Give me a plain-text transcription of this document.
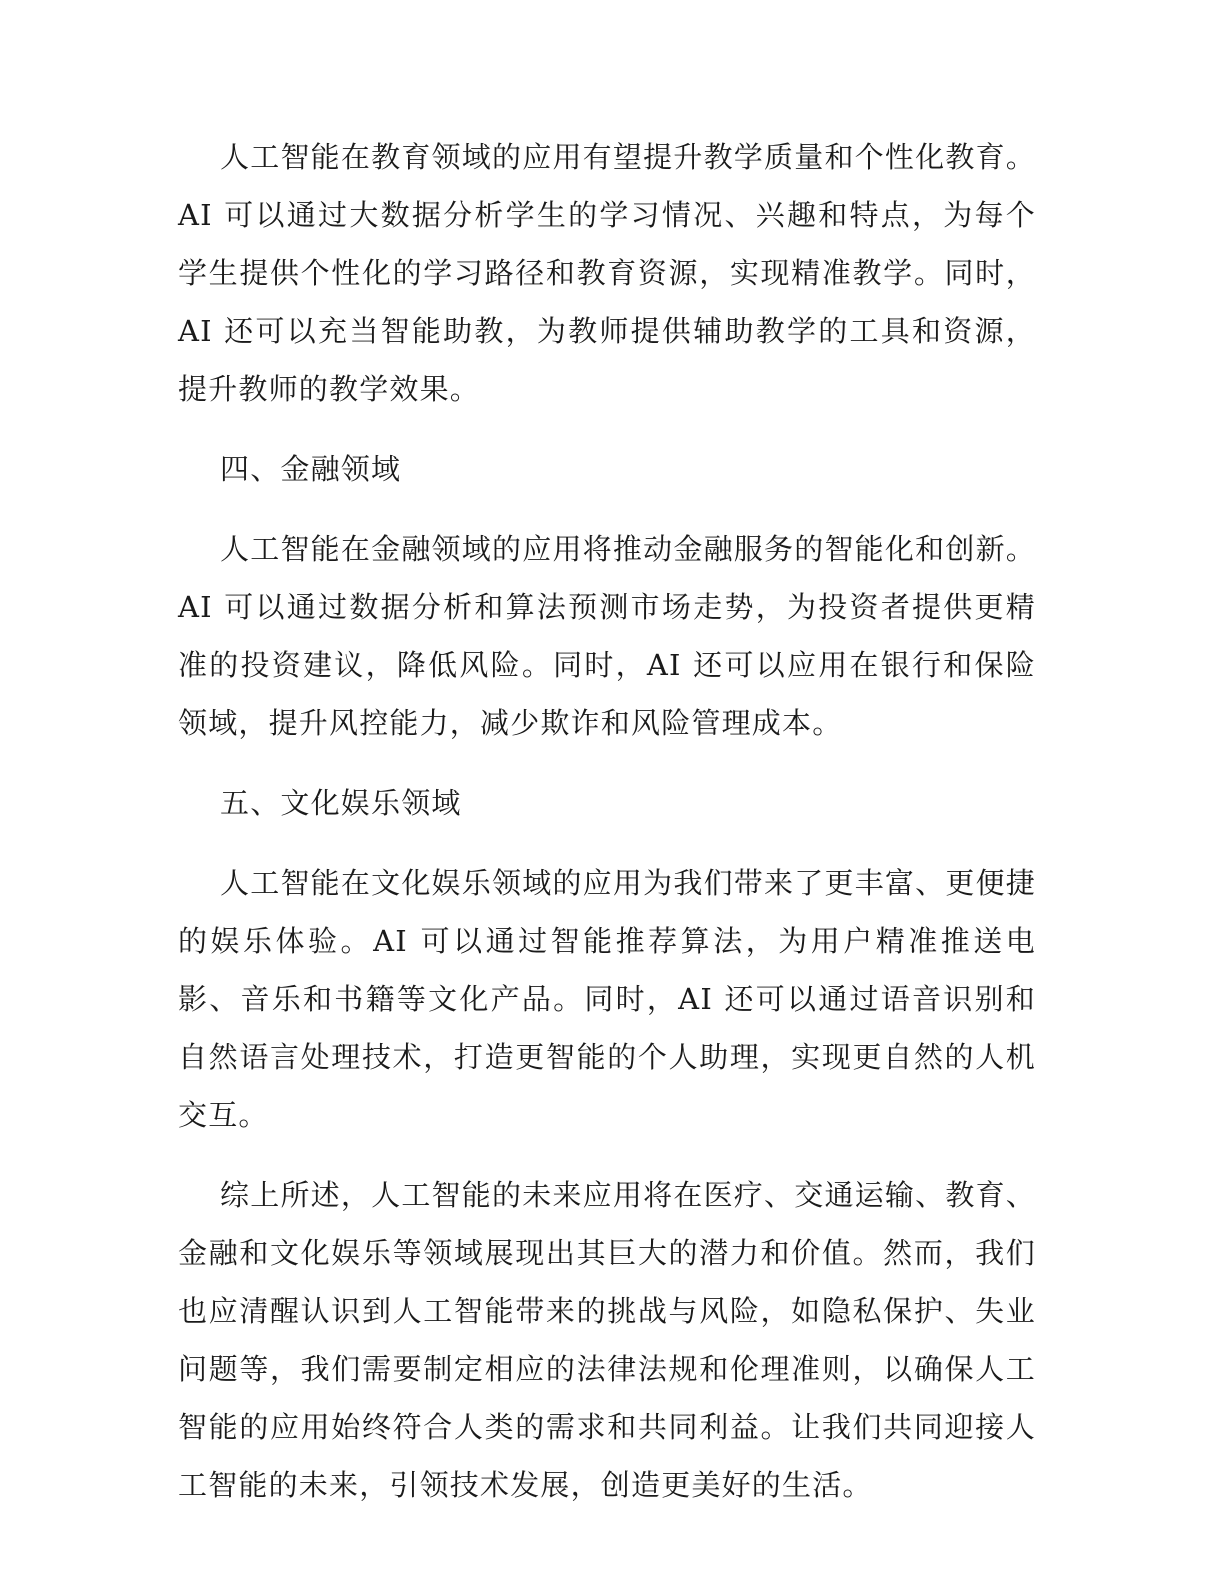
人工智能在教育领域的应用有望提升教学质量和个性化教育。AI 可以通过大数据分析学生的学习情况、兴趣和特点，为每个学生提供个性化的学习路径和教育资源，实现精准教学。同时，AI 还可以充当智能助教，为教师提供辅助教学的工具和资源，提升教师的教学效果。

四、金融领域

人工智能在金融领域的应用将推动金融服务的智能化和创新。AI 可以通过数据分析和算法预测市场走势，为投资者提供更精准的投资建议，降低风险。同时，AI 还可以应用在银行和保险领域，提升风控能力，减少欺诈和风险管理成本。

五、文化娱乐领域

人工智能在文化娱乐领域的应用为我们带来了更丰富、更便捷的娱乐体验。AI 可以通过智能推荐算法，为用户精准推送电影、音乐和书籍等文化产品。同时，AI 还可以通过语音识别和自然语言处理技术，打造更智能的个人助理，实现更自然的人机交互。

综上所述，人工智能的未来应用将在医疗、交通运输、教育、金融和文化娱乐等领域展现出其巨大的潜力和价值。然而，我们也应清醒认识到人工智能带来的挑战与风险，如隐私保护、失业问题等，我们需要制定相应的法律法规和伦理准则，以确保人工智能的应用始终符合人类的需求和共同利益。让我们共同迎接人工智能的未来，引领技术发展，创造更美好的生活。
